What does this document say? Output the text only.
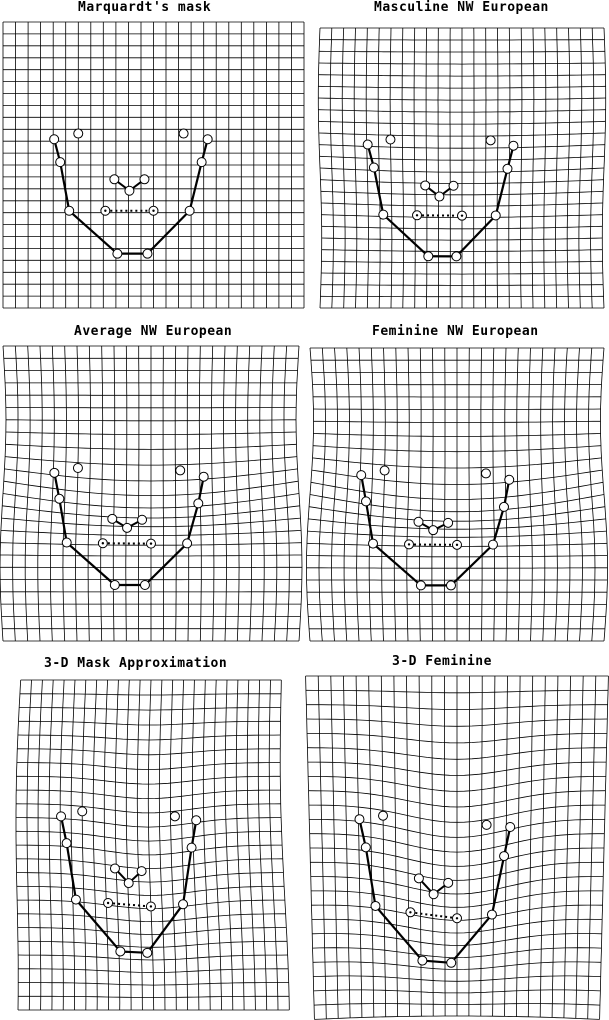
Marquardt's mask	Masculine NW European
Average NW European	Feminine NW European
3-D Mask Approximation	3-D Feminine
